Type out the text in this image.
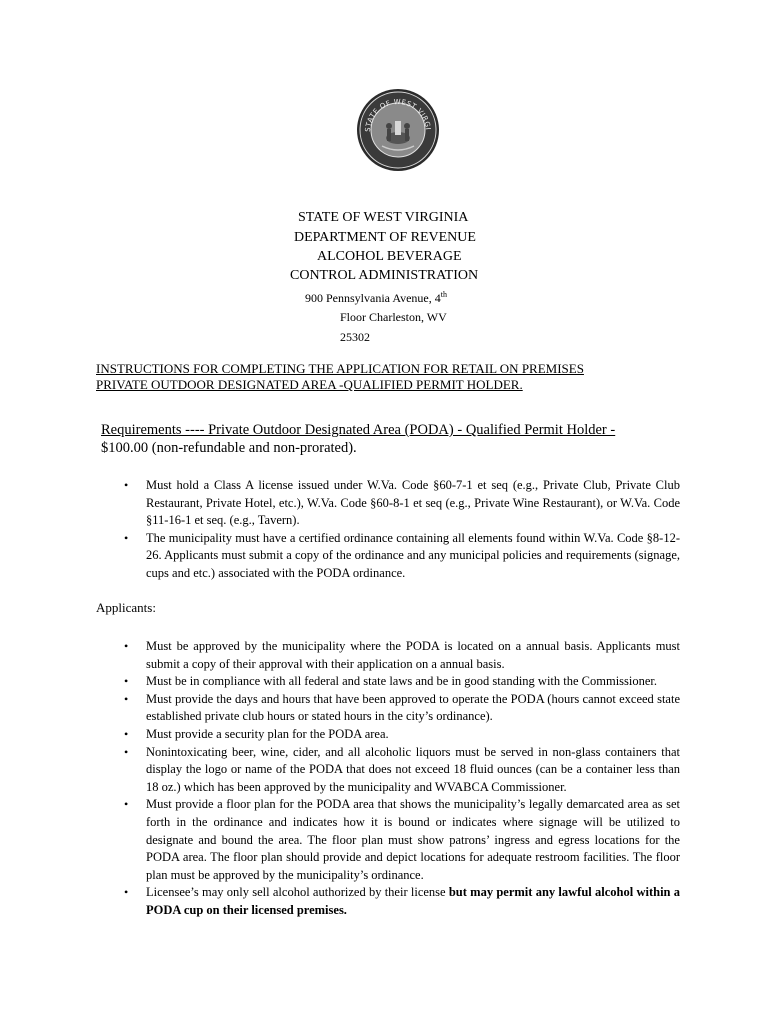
STATE OF WEST VIRGI
STATE OF WEST VIRGINIA
DEPARTMENT OF REVENUE
ALCOHOL BEVERAGE
CONTROL ADMINISTRATION
900 Pennsylvania Avenue, 4th
Floor Charleston, WV
25302
INSTRUCTIONS FOR COMPLETING THE APPLICATION FOR RETAIL ON PREMISES
PRIVATE OUTDOOR DESIGNATED AREA -QUALIFIED PERMIT HOLDER.
Requirements ---- Private Outdoor Designated Area (PODA) - Qualified Permit Holder -
$100.00 (non-refundable and non-prorated).
• Must hold a Class A license issued under W.Va. Code §60-7-1 et seq (e.g., Private Club, Private Club Restaurant, Private Hotel, etc.), W.Va. Code §60-8-1 et seq (e.g., Private Wine Restaurant), or W.Va. Code §11-16-1 et seq. (e.g., Tavern).
• The municipality must have a certified ordinance containing all elements found within W.Va. Code §8-12-26. Applicants must submit a copy of the ordinance and any municipal policies and requirements (signage, cups and etc.) associated with the PODA ordinance.
Applicants:
• Must be approved by the municipality where the PODA is located on a annual basis. Applicants must submit a copy of their approval with their application on a annual basis.
• Must be in compliance with all federal and state laws and be in good standing with the Commissioner.
• Must provide the days and hours that have been approved to operate the PODA (hours cannot exceed state established private club hours or stated hours in the city’s ordinance).
• Must provide a security plan for the PODA area.
• Nonintoxicating beer, wine, cider, and all alcoholic liquors must be served in non-glass containers that display the logo or name of the PODA that does not exceed 18 fluid ounces (can be a container less than 18 oz.) which has been approved by the municipality and WVABCA Commissioner.
• Must provide a floor plan for the PODA area that shows the municipality’s legally demarcated area as set forth in the ordinance and indicates how it is bound or indicates where signage will be utilized to designate and bound the area. The floor plan must show patrons’ ingress and egress locations for the PODA area. The floor plan should provide and depict locations for adequate restroom facilities. The floor plan must be approved by the municipality’s ordinance.
• Licensee’s may only sell alcohol authorized by their license but may permit any lawful alcohol within a PODA cup on their licensed premises.
